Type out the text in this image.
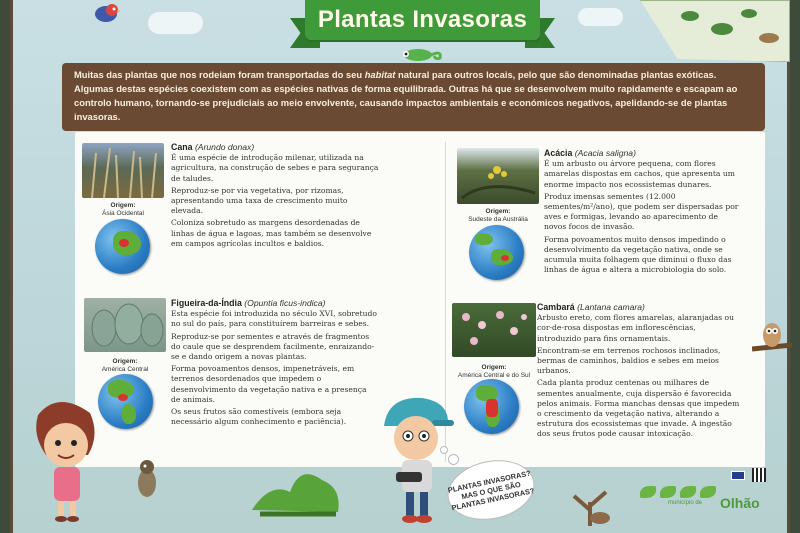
Plantas Invasoras
Muitas das plantas que nos rodeiam foram transportadas do seu habitat natural para outros locais, pelo que são denominadas plantas exóticas. Algumas destas espécies coexistem com as espécies nativas de forma equilibrada. Outras há que se desenvolvem muito rapidamente e escapam ao controlo humano, tornando-se prejudiciais ao meio envolvente, causando impactos ambientais e económicos negativos, apelidando-se de plantas invasoras.
Origem:
Ásia Ocidental
Cana (Arundo donax)

É uma espécie de introdução milenar, utilizada na agricultura, na construção de sebes e para segurança de taludes.

Reproduz-se por via vegetativa, por rizomas, apresentando uma taxa de crescimento muito elevada.

Coloniza sobretudo as margens desordenadas de linhas de água e lagoas, mas também se desenvolve em campos agrícolas incultos e baldios.

Origem:
Sudeste da Austrália
Acácia (Acacia saligna)

É um arbusto ou árvore pequena, com flores amarelas dispostas em cachos, que apresenta um enorme impacto nos ecossistemas dunares.

Produz imensas sementes (12.000 sementes/m²/ano), que podem ser dispersadas por aves e formigas, levando ao aparecimento de novos focos de invasão.

Forma povoamentos muito densos impedindo o desenvolvimento da vegetação nativa, onde se acumula muita folhagem que diminui o fluxo das linhas de água e altera a microbiologia do solo.

Origem:
América Central
Figueira-da-Índia (Opuntia ficus-indica)

Esta espécie foi introduzida no século XVI, sobretudo no sul do país, para constituírem barreiras e sebes.

Reproduz-se por sementes e através de fragmentos do caule que se desprendem facilmente, enraizando-se e dando origem a novas plantas.

Forma povoamentos densos, impenetráveis, em terrenos desordenados que impedem o desenvolvimento da vegetação nativa e a presença de animais.

Os seus frutos são comestíveis (embora seja necessário algum conhecimento e paciência).

Origem:
América Central e do Sul
Cambará (Lantana camara)

Arbusto ereto, com flores amarelas, alaranjadas ou cor-de-rosa dispostas em inflorescências, introduzido para fins ornamentais.

Encontram-se em terrenos rochosos inclinados, bermas de caminhos, baldios e sebes em meios urbanos.

Cada planta produz centenas ou milhares de sementes anualmente, cuja dispersão é favorecida pelos animais. Forma manchas densas que impedem o crescimento da vegetação nativa, alterando a estrutura dos ecossistemas que invade. A ingestão dos seus frutos pode causar intoxicação.

PLANTAS INVASORAS? MAS O QUE SÃO PLANTAS INVASORAS?	município de Olhão
